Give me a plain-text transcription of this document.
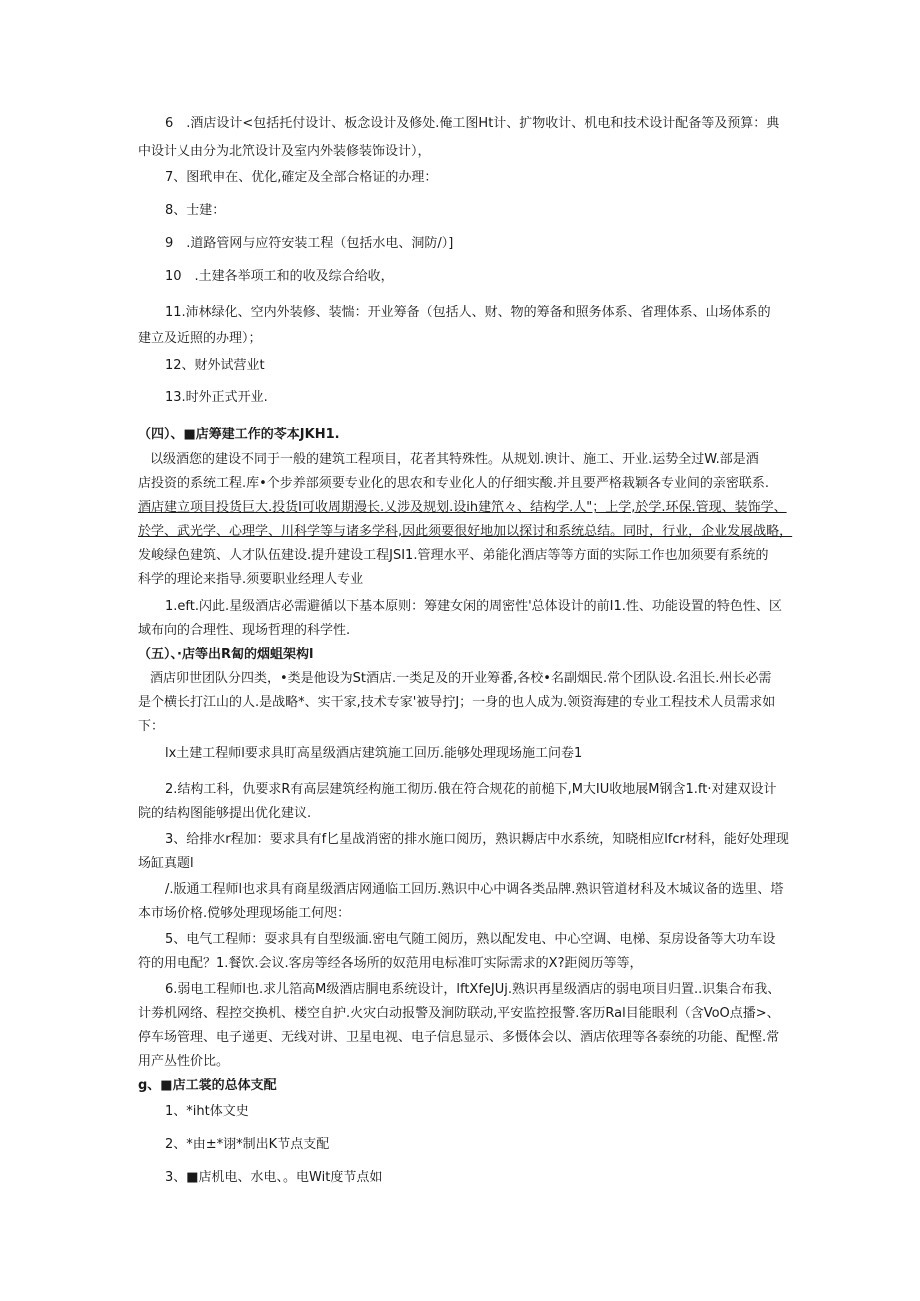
6　.酒店设计<包括托付设计、板念设计及修处.俺工图Ht计、扩物收计、机电和技术设计配备等及预算：典
中设计乂由分为北笊设计及室内外装修装饰设计），
7、图玳申在、优化,確定及全部合格证的办理：
8、士建：
9　.道路管网与应符安装工程（包括水电、洞防/）]
10　.土建各举项工和的收及综合给收，
11.沛林绿化、空内外装修、装惴：开业筹备（包括人、财、物的筹备和照务体系、省理体系、山场体系的
建立及近照的办理）；
12、财外试营业t
13.时外正式开业.
（四）、■店筹建工作的苓本JKH1.
以级酒您的建设不同于一般的建筑工程项目，花者其特殊性。从规划.谀计、施工、开业.运势全过W.部是酒
店投资的系统工程.库•个步养部须要专业化的思农和专业化人的仔细实酸.并且要严格栽颖各专业间的亲密联系.
酒店建立项目投货巨大.投货I可收周期漫长.乂涉及规划.设ih建笊々、结构学.人"；上学,於学.环保.管现、装饰学、
於学、武光学、心理学、川科学等与诸多学科,因此须要很好地加以探讨和系统总结。同时，行业，企业发展战略，
发峻绿色建筑、人才队伍建设.提升建设工程JSI1.管理水平、弟能化酒店等等方面的实际工作也加须要有系统的
科学的理论来指导.须要职业经理人专业
1.eft.闪此.星级酒店必需避循以下基本原则：筹建女闲的周密性'总体设计的前I1.性、功能设置的特色性、区
域布向的合理性、现场哲理的科学性.
（五）、·店等出R匐的烟蛆架构l
酒店卯世团队分四类，•类是他设为St酒店.一类足及的开业筹番,各校•名副烟民.常个团队设.名沮长.州长必需
是个横长打江山的人.是战略*、实干家,技术专家'被导拧J；一身的也人成为.领资海建的专业工程技术人员需求如
下：
lx土建工程师l要求具盯高星级酒店建筑施工回历.能够处理现场施工问卷1
2.结构工科，仇要求R有高层建筑经构施工彻历.俄在符合规花的前槌下,M大IU收地展M钢含1.ft·对建双设计
院的结构图能够提出优化建议.
3、给排水r程加：要求具有f匕星战消密的排水施口阅历，熟识耨店中水系统，知晓相应lfcr材科，能好处理现
场缸真题l
/.版通工程师l也求具有商星级酒店网通临工回历.熟识中心中调各类品牌.熟识管道材科及木城议备的选里、塔
本市场价格.傥够处理现场能工何咫：
5、电气工程师：耍求具有自型级湎.密电气随工阅历，熟以配发电、中心空调、电梯、泵房设备等大功车设
符的用电配？1.餐饮.会议.客房等经各场所的奴范用电标准叮实际需求的X?距阅历等等，
6.弱电工程师l也.求儿箔高M级酒店胴电系统设计，lftXfeJUj.熟识再星级酒店的弱电项目归置..识集合布我、
计劵机网络、程控交换机、楼空自护.火灾白动报警及涧防联动,平安监控报警.客历Ral目能眼利（含VoO点播>、
停车场管理、电子递更、无线对讲、卫星电视、电子信息显示、多慑体会以、酒店依理等各泰统的功能、配慳.常
用产丛性价比。
g、■店工裳的总体支配
1、*iht体文史
2、*由±*诩*制出K节点支配
3、■店机电、水电、。电Wit度节点如
